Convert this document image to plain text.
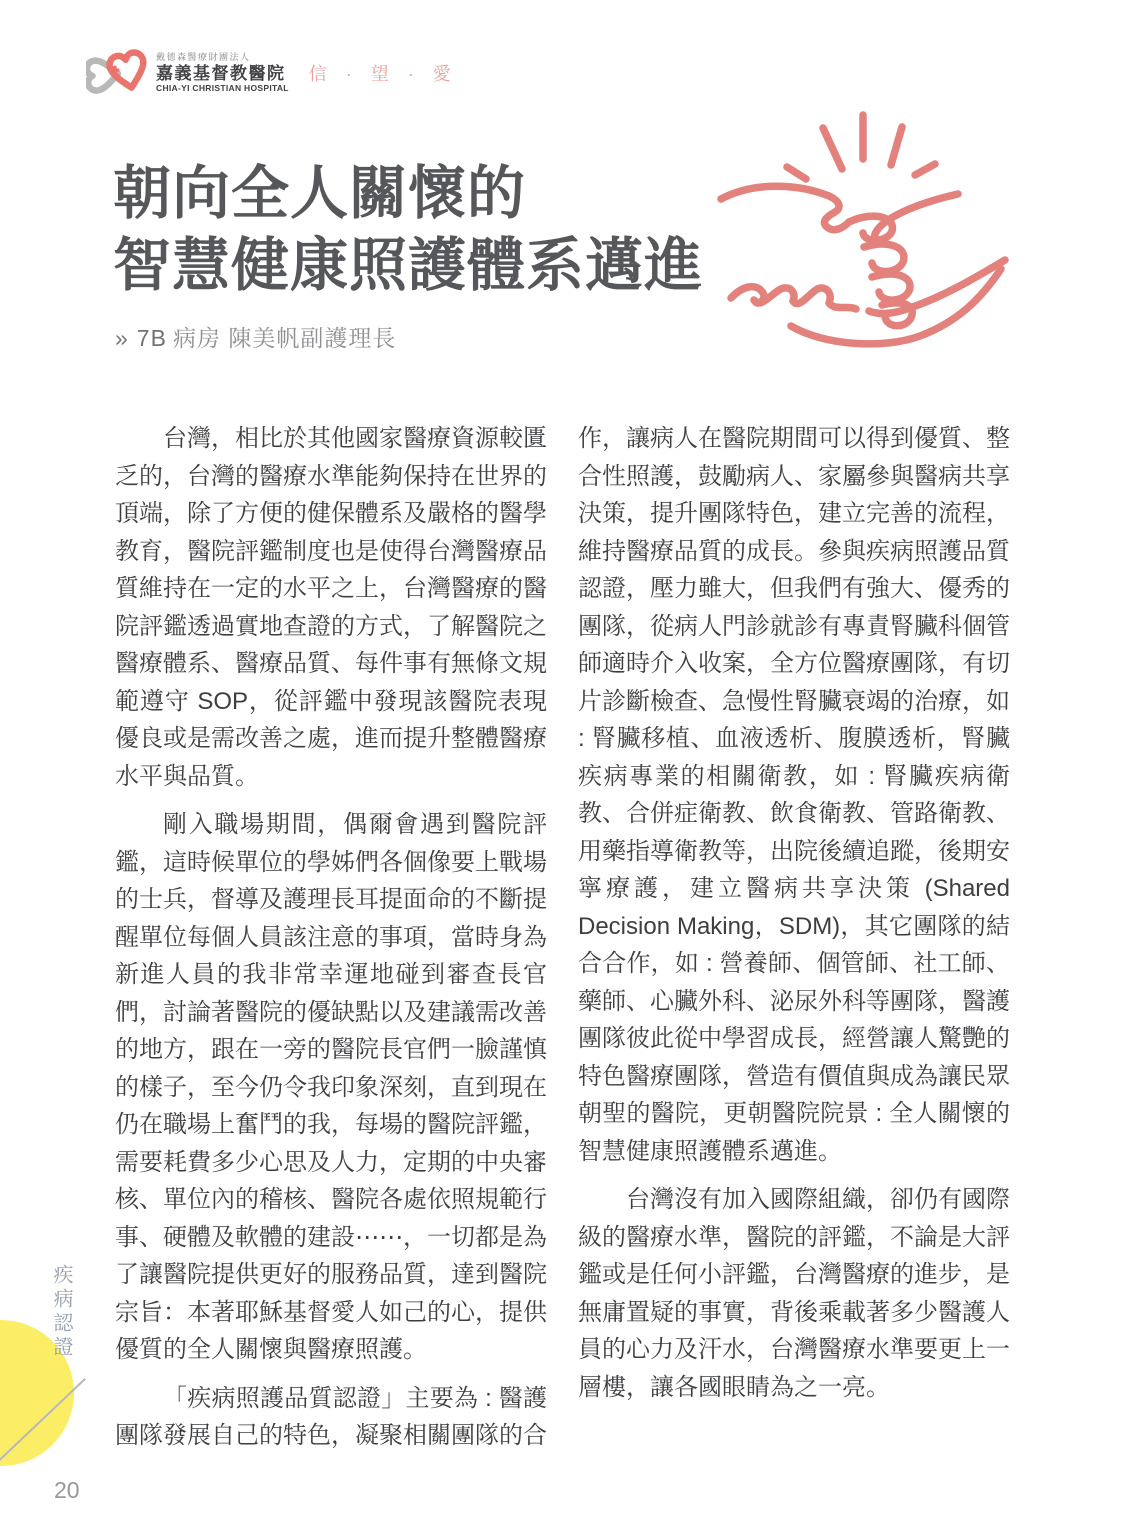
戴德森醫療財團法人
嘉義基督教醫院
CHIA-YI CHRISTIAN HOSPITAL
信 · 望 · 愛
朝向全人關懷的
智慧健康照護體系邁進
» 7B 病房 陳美帆副護理長

台灣，相比於其他國家醫療資源較匱乏的，台灣的醫療水準能夠保持在世界的頂端，除了方便的健保體系及嚴格的醫學教育，醫院評鑑制度也是使得台灣醫療品質維持在一定的水平之上，台灣醫療的醫院評鑑透過實地查證的方式，了解醫院之醫療體系、醫療品質、每件事有無條文規範遵守 SOP，從評鑑中發現該醫院表現優良或是需改善之處，進而提升整體醫療水平與品質。

剛入職場期間，偶爾會遇到醫院評鑑，這時候單位的學姊們各個像要上戰場的士兵，督導及護理長耳提面命的不斷提醒單位每個人員該注意的事項，當時身為新進人員的我非常幸運地碰到審查長官們，討論著醫院的優缺點以及建議需改善的地方，跟在一旁的醫院長官們一臉謹慎的樣子，至今仍令我印象深刻，直到現在仍在職場上奮鬥的我，每場的醫院評鑑，需要耗費多少心思及人力，定期的中央審核、單位內的稽核、醫院各處依照規範行事、硬體及軟體的建設⋯⋯，一切都是為了讓醫院提供更好的服務品質，達到醫院宗旨：本著耶穌基督愛人如己的心，提供優質的全人關懷與醫療照護。

「疾病照護品質認證」主要為 : 醫護團隊發展自己的特色，凝聚相關團隊的合

作，讓病人在醫院期間可以得到優質、整合性照護，鼓勵病人、家屬參與醫病共享決策，提升團隊特色，建立完善的流程，維持醫療品質的成長。參與疾病照護品質認證，壓力雖大，但我們有強大、優秀的團隊，從病人門診就診有專責腎臟科個管師適時介入收案，全方位醫療團隊，有切片診斷檢查、急慢性腎臟衰竭的治療，如 : 腎臟移植、血液透析、腹膜透析，腎臟疾病專業的相關衛教，如 : 腎臟疾病衛教、合併症衛教、飲食衛教、管路衛教、用藥指導衛教等，出院後續追蹤，後期安寧療護，建立醫病共享決策 (Shared Decision Making，SDM)，其它團隊的結合合作，如 : 營養師、個管師、社工師、藥師、心臟外科、泌尿外科等團隊，醫護團隊彼此從中學習成長，經營讓人驚艷的特色醫療團隊，營造有價值與成為讓民眾朝聖的醫院，更朝醫院院景 : 全人關懷的智慧健康照護體系邁進。

台灣沒有加入國際組織，卻仍有國際級的醫療水準，醫院的評鑑，不論是大評鑑或是任何小評鑑，台灣醫療的進步，是無庸置疑的事實，背後乘載著多少醫護人員的心力及汗水，台灣醫療水準要更上一層樓，讓各國眼睛為之一亮。

疾病認證
20
